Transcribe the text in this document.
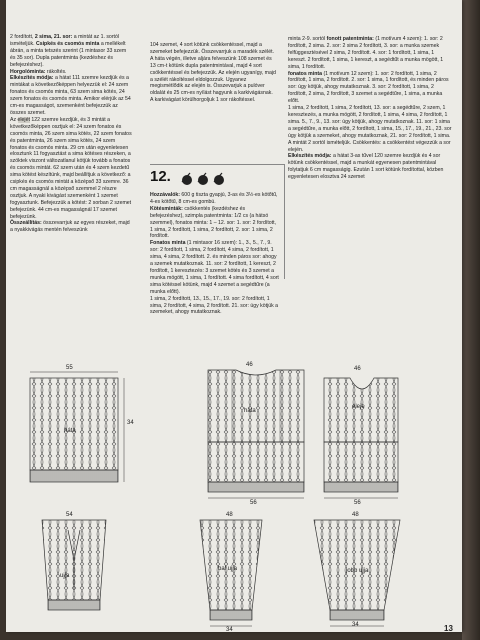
2 fordított, 2 sima, 21. sor: a mintát az 1. sortól ismételjük. Csipkés és csomós minta a mellékelt ábrán, a minta tetszés szerint (1 mintasor 33 szem és 35 sor). Dupla patentminta (kezdéshez és befejezéshez).

Horgolóminta: rákoltés.

Elkészítés módja: a hátat 111 szemre kezdjük és a mintákat a következőképpen helyezzük el: 24 szem fonatos és csomós minta, 63 szem sima kötés, 24 szem fonatos és csomós minta. Amikor elérjük az 54 cm-es magasságot, szemenként befejezzük az összes szemet.

Az elejét 122 szemre kezdjük, és 3 mintát a következőképpen osztjuk el: 24 szem fonatos és csomós minta, 26 szem sima kötés, 22 szem fonatos és patentminta, 26 szem sima kötés, 24 szem fonatos és csomós minta. 29 cm után egyenletesen elosztunk 11 fogyasztást a sima kötéses részeken, a szöktek viszont változatlanul kötjük tovább a fonatos és csomós mintát. 62 szem után és 4 szem kezdetű sima kötést készítünk, majd beállítjuk a következő: a csipkés és csomós mintát a középső 33 szemre. 36 cm magasságnál a középső szemmel 2 részre osztjuk. A nyaki kivágást szemenként 1 szemet fogyasztunk. Befejezzük a kötést: 2 sorban 2 szemet befejezünk. 44 cm-es magasságnál 17 szemet befejezünk.

Összeállítás: összevarrjuk az egyes részeket, majd a nyakkivágás mentén felveszünk

104 szemet, 4 sort kötünk csökkentéssel, majd a szemeket befejezzük. Összevarrjuk a maradék szélét. A háta végén, illetve aljára felveszünk 108 szemet és 13 cm-t kötünk dupla patentmintával, majd 4 sort csökkentéssel és befejezzük. Az elején ugyanígy, majd a szélét rákoltéssel eldolgozzuk. Ugyanez megismétlődik az elején is. Összevarjuk a pulóver oldalát és 25 cm-es nyílást hagyunk a karkivágásnak. A karkivágást körülhorgoljuk 1 sor rákoltéssel.

12.

Hozzávalók: 600 g tiszta gyapjú, 3-as és 3½-es kötőtű, 4-es kötőtű, 8 cm-es gombú.

Kötésminták: csökkentés (kezdéshez és befejezéshez), szimpla patentminta: 1/2 cs (a hátsó szemmel), fonatos minta: 1 – 12. sor: 1. sor: 2 fordított, 1 sima, 2 fordított, 1 sima, 2 fordított, 2. sor: 1 sima, 2 fordított.

Fonatos minta (1 mintasor 16 szem): 1., 3., 5., 7., 9. sor: 2 fordított, 1 sima, 2 fordított, 4 sima, 2 fordított, 1 sima, 4 sima, 2 fordított. 2. és minden páros sor: ahogy a szemek mutatkoznak. 11. sor: 2 fordított, 1 kereszt, 2 fordított, 1 keresztezés: 3 szemet kötés és 3 szemet a munka mögött, 1 sima, 1 fordított. 4 sima fordított, 4 sort sima kötéssel kötünk, majd 4 szemet a segédtűre (a munka előtt).

1 sima, 2 fordított, 13., 15., 17., 19. sor: 2 fordított, 1 sima, 2 fordított, 4 sima, 2 fordított. 21. sor: úgy kötjük a szemeket, ahogy mutatkoznak.

minta 2-9. sortól fonott patentminta: (1 motívum 4 szem): 1. sor: 2 fordított, 2 sima. 2. sor: 2 sima 2 fordított, 3. sor: a munka szemek felfüggesztésével 2 sima, 2 fordított. 4. sor: 1 fordított, 1 sima, 1 kereszt. 2 fordított, 1 sima, 1 kereszt, a segédtűt a munka mögött, 1 sima, 1 fordított.

fonatos minta (1 motívum 12 szem): 1. sor: 2 fordított, 1 sima, 2 fordított, 1 sima, 2 fordított. 2. sor: 1 sima, 1 fordított, és minden páros sor: úgy kötjük, ahogy mutatkoznak. 3. sor: 2 fordított, 1 sima, 2 fordított, 2 sima, 2 fordított, 3 szemet a segédtűre, 1 sima, a munka előtt.

1 sima, 2 fordított, 1 sima, 2 fordított, 13. sor: a segédtűre, 2 szem, 1 keresztezés, a munka mögött, 2 fordított, 1 sima, 4 sima, 2 fordított, 1 sima. 5., 7., 9., 13. sor: úgy kötjük, ahogy mutatkoznak. 11. sor: 1 sima a segédtűre, a munka előtt, 2 fordított, 1 sima, 15., 17., 19., 21., 23. sor úgy kötjük a szemeket, ahogy mutatkoznak, 21. sor: 2 fordított, 1 sima.

A mintát 2 sortól ismételjük. Csökkentés: a csökkentést végezzük a sor elején.

Elkészítés módja: a hátat 3-as tűvel 120 szemre kezdjük és 4 sor kötünk csökkentéssel, majd a munkát egyenesen patentmintával folytatjuk 6 cm magasságig. Ezután 1 sort kötünk fordítottal, közben egyenletesen elosztva 24 szemet

háta
55
34
ujja
54
háta
46
56
eleje
46
56
bal ujja
48
34
jobb ujja
48
34	13
